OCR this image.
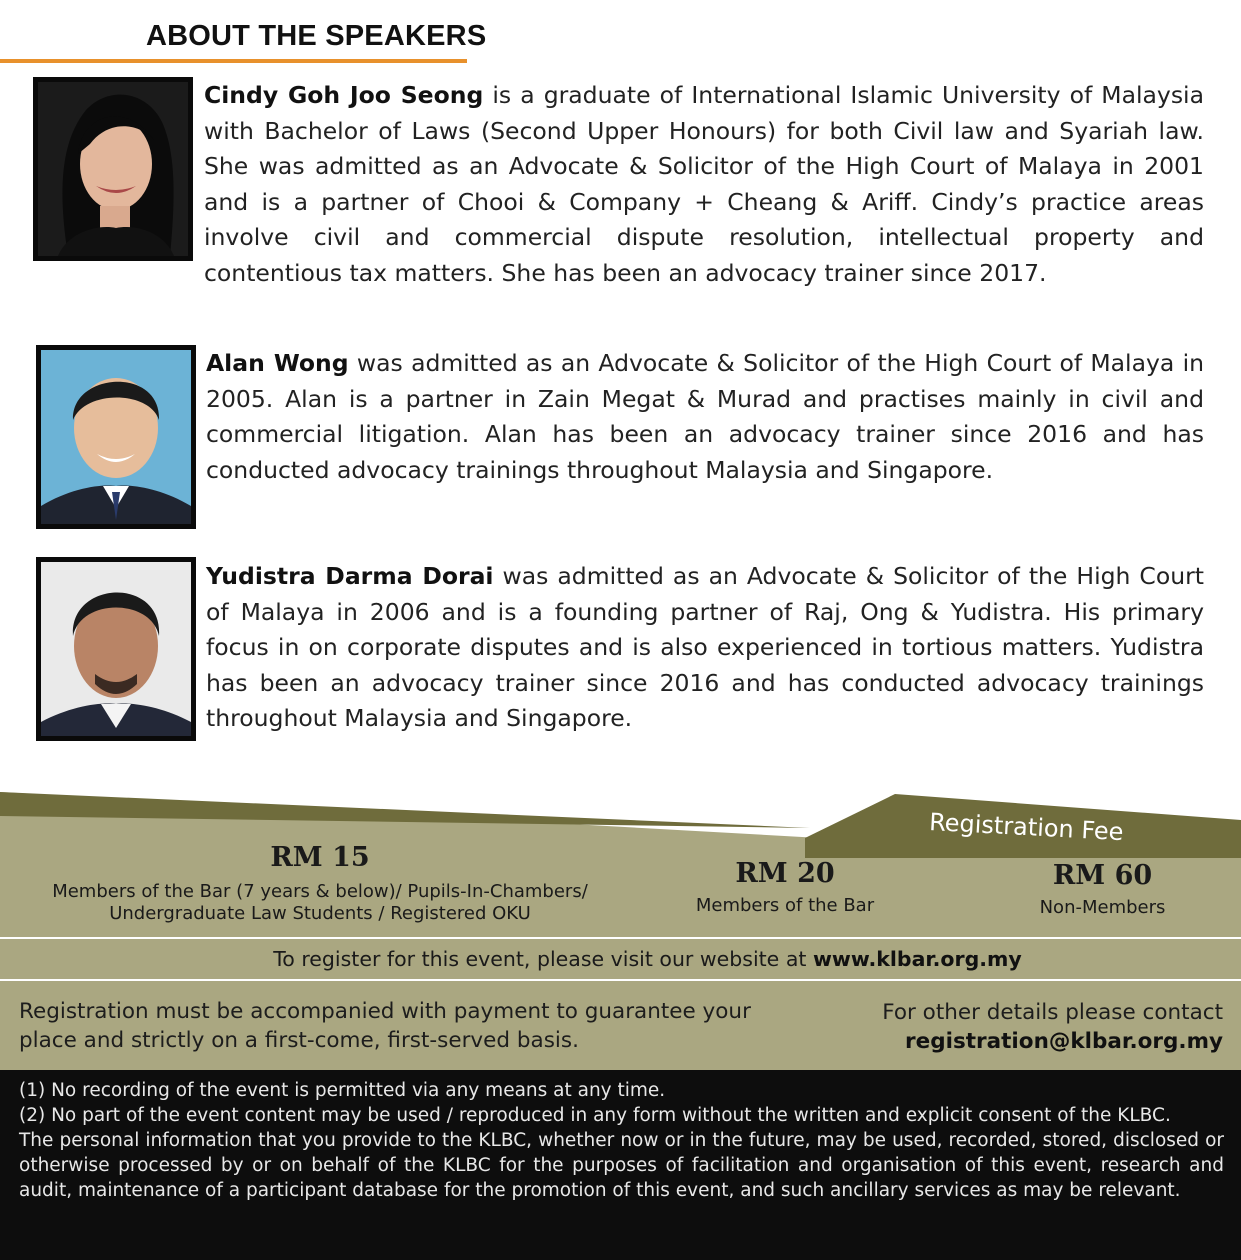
ABOUT THE SPEAKERS
Cindy Goh Joo Seong is a graduate of International Islamic University of Malaysia with Bachelor of Laws (Second Upper Honours) for both Civil law and Syariah law. She was admitted as an Advocate & Solicitor of the High Court of Malaya in 2001 and is a partner of Chooi & Company + Cheang & Ariff. Cindy’s practice areas involve civil and commercial dispute resolution, intellectual property and contentious tax matters. She has been an advocacy trainer since 2017.
Alan Wong was admitted as an Advocate & Solicitor of the High Court of Malaya in 2005. Alan is a partner in Zain Megat & Murad and practises mainly in civil and commercial litigation. Alan has been an advocacy trainer since 2016 and has conducted advocacy trainings throughout Malaysia and Singapore.
Yudistra Darma Dorai was admitted as an Advocate & Solicitor of the High Court of Malaya in 2006 and is a founding partner of Raj, Ong & Yudistra. His primary focus in on corporate disputes and is also experienced in tortious matters. Yudistra has been an advocacy trainer since 2016 and has conducted advocacy trainings throughout Malaysia and Singapore.
Registration Fee
RM 15
Members of the Bar (7 years & below)/ Pupils-In-Chambers/
Undergraduate Law Students / Registered OKU
RM 20
Members of the Bar
RM 60
Non-Members
To register for this event, please visit our website at www.klbar.org.my
Registration must be accompanied with payment to guarantee your
place and strictly on a first-come, first-served basis.
For other details please contact
registration@klbar.org.my

(1) No recording of the event is permitted via any means at any time.

(2) No part of the event content may be used / reproduced in any form without the written and explicit consent of the KLBC.

The personal information that you provide to the KLBC, whether now or in the future, may be used, recorded, stored, disclosed or otherwise processed by or on behalf of the KLBC for the purposes of facilitation and organisation of this event, research and audit, maintenance of a participant database for the promotion of this event, and such ancillary services as may be relevant.
